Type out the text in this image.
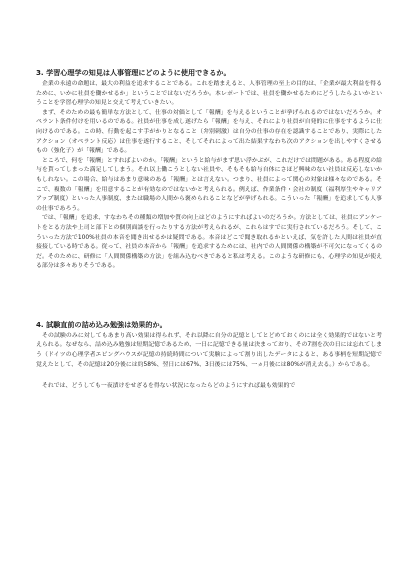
3. 学習心理学の知見は人事管理にどのように使用できるか。

企業の永遠の命題は、最大の利益を追求することである。これを踏まえると、人事管理の至上の目的は、「企業が最大利益を得るために、いかに社員を働かせるか」ということではないだろうか。本レポートでは、社員を働かせるためにどうしたらよいかということを学習心理学の知見と交えて考えていきたい。

まず、そのための最も簡単な方法として、仕事の対価として「報酬」を与えるということが挙げられるのではないだろうか。オペラント条件付けを用いるのである。社員が仕事を成し遂げたら「報酬」を与え、それにより社員が自発的に仕事をするように仕向けるのである。この時、行動を起こす手がかりとなること（弁別刺激）は自分の仕事の存在を認識することであり、実際にしたアクション（オペラント反応）は仕事を遂行すること、そしてそれによって出た結果すなわち次のアクションを出しやすくさせるもの（強化子）が「報酬」である。

ところで、何を「報酬」とすればよいのか。「報酬」というと給与がまず思い浮かぶが、これだけでは問題がある。ある程度の給与を貰ってしまった満足してしまう。それ以上働こうとしない社員や、そもそも給与自体にさほど興味のない社員は反応しないかもしれない。この場合、給与はあまり意味のある「報酬」とは言えない。つまり、社員によって関心の対象は様々なのである。そこで、複数の「報酬」を用意することが有効なのではないかと考えられる。例えば、作業条件・会社の制度（福利厚生やキャリアアップ制度）といった人事制度、または職場の人間から褒められることなどが挙げられる。こういった「報酬」を追求しても人事の仕事であろう。

では、「報酬」を追求、すなわちその種類の増加や質の向上はどのようにすればよいのだろうか。方法としては、社員にアンケートをとる方法や上司と部下との個別面談を行ったりする方法が考えられるが、これらはすでに実行されているだろう。そして、こういった方法で100%社員の本音を聞き出せるかは疑問である。本音はどこで聞き取れるかといえば、気を許した人間は社員が直接接している時である。従って、社員の本音から「報酬」を追求するためには、社内での人間関係の構築が不可欠になってくるのだ。そのために、研修に「人間関係構築の方法」を組み込むべきであると私は考える。このような研修にも、心理学の知見が使える部分は多々ありそうである。

4. 試験直前の詰め込み勉強は効果的か。

その試験のみに対してもあまり高い効果は得られず、それ以降に自分の記憶としてとどめておくのには全く効果的ではないと考えられる。なぜなら、詰め込み勉強は短期記憶であるため、一日に記憶できる量は決まっており、その7割を次の日には忘れてしまう（ドイツの心理学者エビングハウスが記憶の持続時間について実験によって割り出したデータによると、ある事柄を短期記憶で覚えたとして、その記憶は20分後には約58%、翌日には67%、3日後には75%、一ヵ月後には80%が消え去る。）からである。

それでは、どうしても一夜漬けをせざるを得ない状況になったらどのようにすれば最も効果的で
